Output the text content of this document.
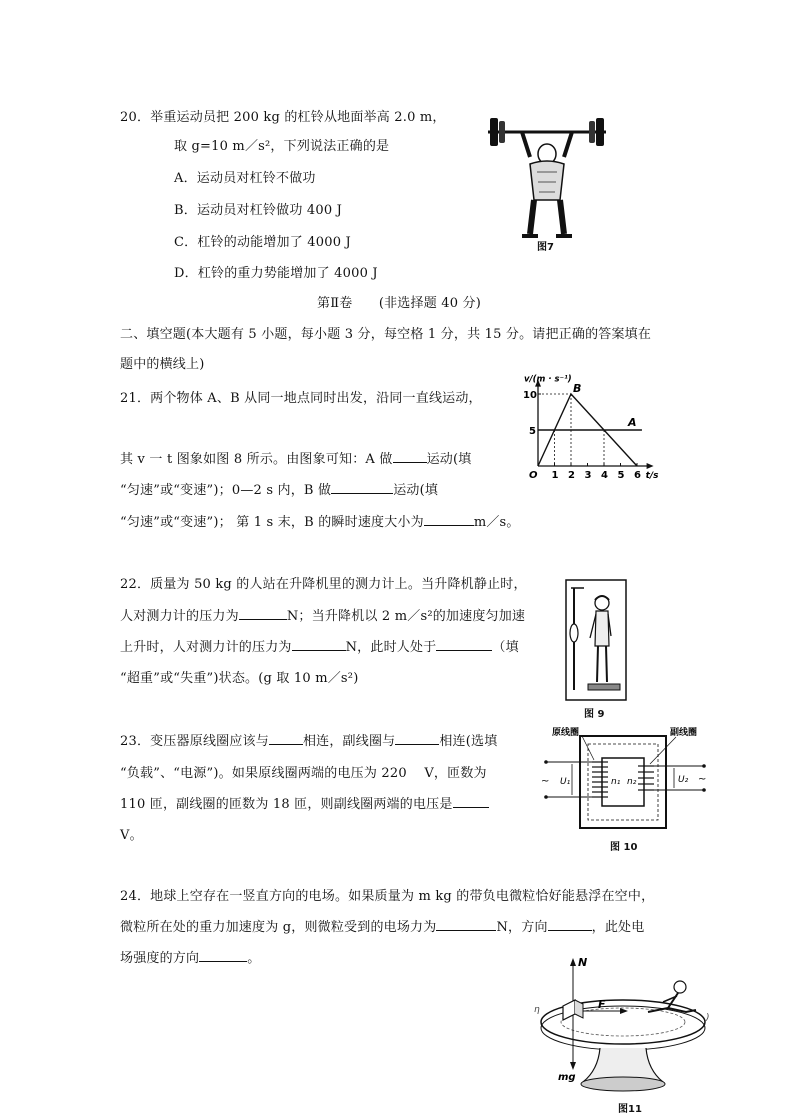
20．举重运动员把 200 kg 的杠铃从地面举高 2.0 m，
取 g=10 m／s²，下列说法正确的是
A．运动员对杠铃不做功
B．运动员对杠铃做功 400 J
C．杠铃的动能增加了 4000 J
D．杠铃的重力势能增加了 4000 J
图7
第Ⅱ卷　　(非选择题 40 分)
二、填空题(本大题有 5 小题，每小题 3 分，每空格 1 分，共 15 分。请把正确的答案填在
题中的横线上)
21．两个物体 A、B 从同一地点同时出发，沿同一直线运动，
其 v 一 t 图象如图 8 所示。由图象可知：A 做	运动(填
“匀速”或“变速”)；0—2 s 内，B 做	运动(填
“匀速”或“变速”)； 第 1 s 末，B 的瞬时速度大小为	m／s。
O 1 2 3 4 5 6
5
10
A
B
v/(m · s⁻¹)
t/s
22．质量为 50 kg 的人站在升降机里的测力计上。当升降机静止时，
人对测力计的压力为	N；当升降机以 2 m／s²的加速度匀加速
上升时，人对测力计的压力为	N，此时人处于	（填
“超重”或“失重”)状态。(g 取 10 m／s²)
图 9
23．变压器原线圈应该与	相连，副线圈与	相连(选填
“负载”、“电源”)。如果原线圈两端的电压为 220　 V，匝数为
110 匝，副线圈的匝数为 18 匝，则副线圈两端的电压是
V。
~	~
原线圈	副线圈
U₁	U₂
n₁ n₂
图 10
24．地球上空存在一竖直方向的电场。如果质量为 m kg 的带负电微粒恰好能悬浮在空中，
微粒所在处的重力加速度为 g，则微粒受到的电场力为	N，方向	，此处电
场强度的方向	。	N
F
mg
η
)
图11
